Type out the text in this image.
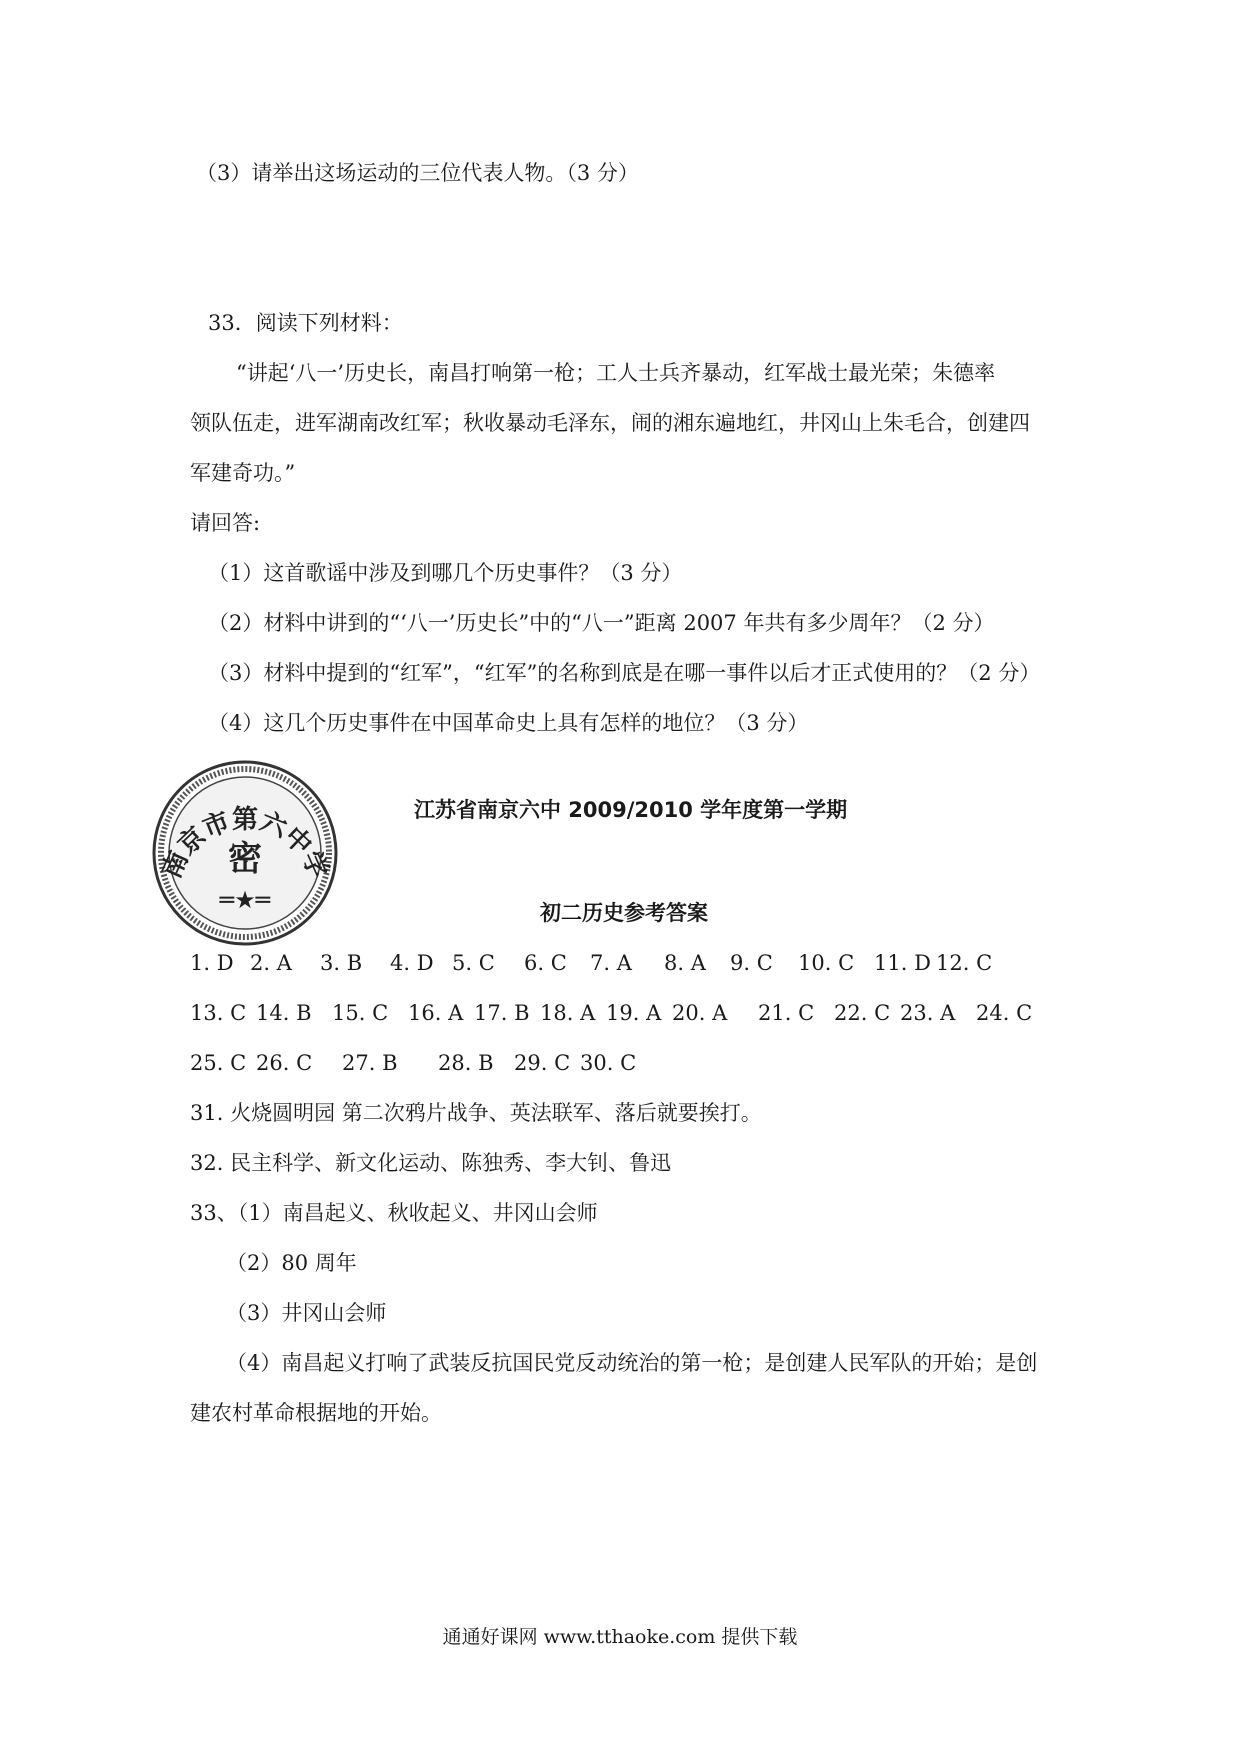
（3）请举出这场运动的三位代表人物。（3 分）
33．阅读下列材料：
“讲起‘八一’历史长，南昌打响第一枪；工人士兵齐暴动，红军战士最光荣；朱德率
领队伍走，进军湖南改红军；秋收暴动毛泽东，闹的湘东遍地红，井冈山上朱毛合，创建四
军建奇功。”
请回答:
（1）这首歌谣中涉及到哪几个历史事件？（3 分）
（2）材料中讲到的“‘八一’历史长”中的“八一”距离 2007 年共有多少周年？（2 分）
（3）材料中提到的“红军”，“红军”的名称到底是在哪一事件以后才正式使用的？（2 分）
（4）这几个历史事件在中国革命史上具有怎样的地位？（3 分）
南京市第六中学
密
═★═
江苏省南京六中 2009/2010 学年度第一学期
初二历史参考答案
1. D 2. A 3. B 4. D 5. C 6. C 7. A 8. A 9. C 10. C 11. D 12. C
13. C 14. B 15. C 16. A 17. B 18. A 19. A 20. A 21. C 22. C 23. A 24. C
25. C 26. C 27. B 28. B 29. C 30. C
31. 火烧圆明园 第二次鸦片战争、英法联军、落后就要挨打。
32. 民主科学、新文化运动、陈独秀、李大钊、鲁迅
33、（1）南昌起义、秋收起义、井冈山会师
（2）80 周年
（3）井冈山会师
（4）南昌起义打响了武装反抗国民党反动统治的第一枪；是创建人民军队的开始；是创
建农村革命根据地的开始。
通通好课网 www.tthaoke.com 提供下载
